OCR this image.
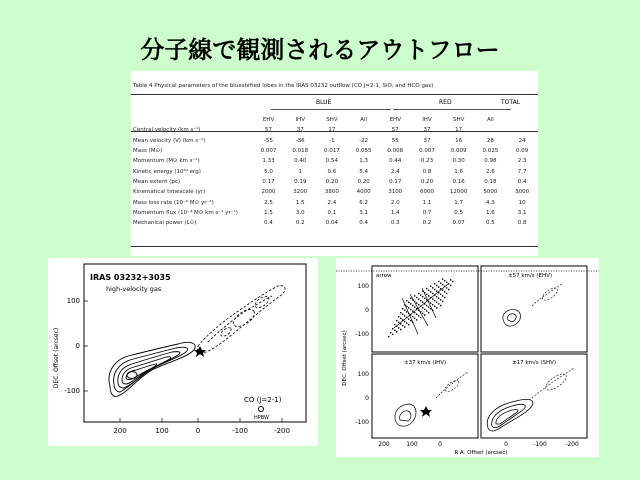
分子線で観測されるアウトフロー
Table 4 Physical parameters of the blueshifted lobes in the IRAS 03232 outflow (CO J=2-1, SiO, and HCO gas)
BLUE	RED	TOTAL
	EHV	IHV	SHV	All	EHV	IHV	SHV	All	
Central velocity (km s⁻¹)	57	37	17		57	37	17		
Mean velocity ⟨V⟩ (km s⁻¹)	-55	-36	-1	-22	55	37	16	28	24
Mass (M⊙)	0.007	0.018	0.017	0.055	0.008	0.007	0.009	0.025	0.09
Momentum (M⊙ km s⁻¹)	1.33	0.40	0.54	1.3	0.44	0.23	0.30	0.98	2.3
Kinetic energy (10⁴⁴ erg)	5.0	1	0.6	5.4	2.4	0.8	1.6	2.6	7.7
Mean extent (pc)	0.17	0.19	0.20	0.20	0.17	0.20	0.16	0.18	0.4
Kinematical timescale (yr)	2000	3200	3800	4000	3100	6000	12000	5000	3000
Mass loss rate (10⁻⁶ M⊙ yr⁻¹)	2.5	1.5	2.4	6.2	2.0	1.1	1.7	4.3	10
Momentum flux (10⁻⁴ M⊙ km s⁻¹ yr⁻¹)	1.5	3.0	0.1	3.1	1.4	0.7	0.5	1.6	3.1
Mechanical power (L⊙)	0.4	0.2	0.04	0.4	0.3	0.2	0.07	0.5	0.8
IRAS 03232+3035
high-velocity gas
CO (J=2-1)
HPBW
DEC. Offset (arcsec)
100
0
-100
200	100	0	-100	-200
arrow	±57 km/s (EHV)
±37 km/s (IHV)	±17 km/s (SHV)
DEC. Offset (arcsec)
R.A. Offset (arcsec)
100
0
-100
100
0
-100
200	100	0	0	-100	-200
